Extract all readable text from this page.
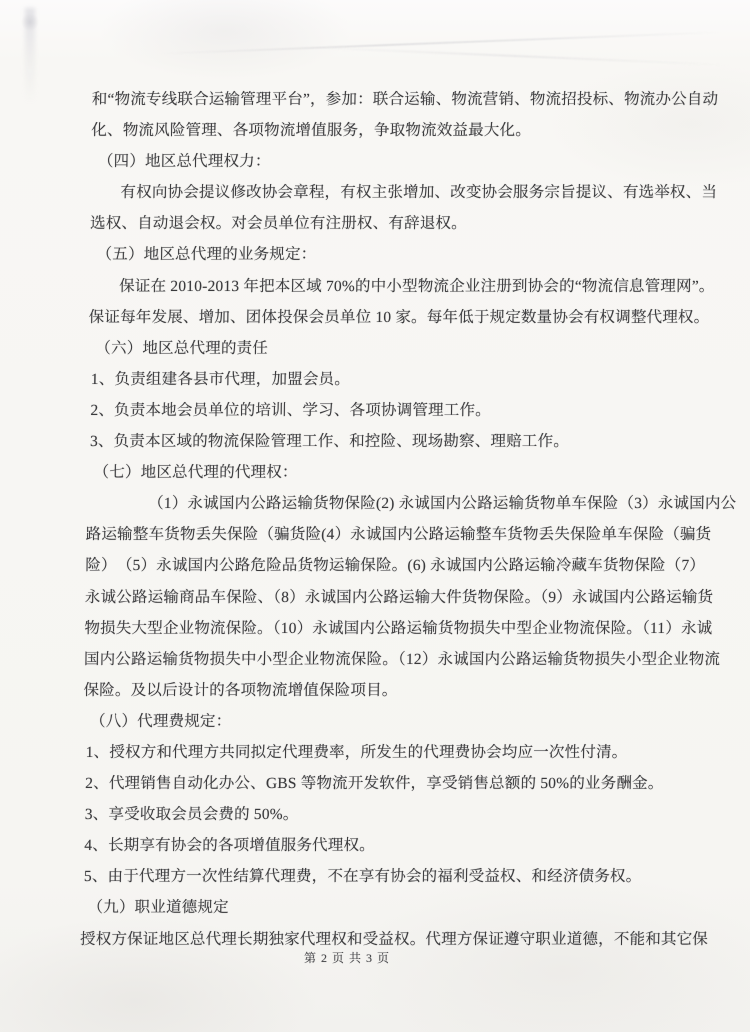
和“物流专线联合运输管理平台”，参加：联合运输、物流营销、物流招投标、物流办公自动
化、物流风险管理、各项物流增值服务，争取物流效益最大化。
（四）地区总代理权力：
有权向协会提议修改协会章程，有权主张增加、改变协会服务宗旨提议、有选举权、当
选权、自动退会权。对会员单位有注册权、有辞退权。
（五）地区总代理的业务规定：
保证在 2010-2013 年把本区域 70%的中小型物流企业注册到协会的“物流信息管理网”。
保证每年发展、增加、团体投保会员单位 10 家。每年低于规定数量协会有权调整代理权。
（六）地区总代理的责任
1、负责组建各县市代理，加盟会员。
2、负责本地会员单位的培训、学习、各项协调管理工作。
3、负责本区域的物流保险管理工作、和控险、现场勘察、理赔工作。
（七）地区总代理的代理权：
（1）永诚国内公路运输货物保险(2) 永诚国内公路运输货物单车保险（3）永诚国内公
路运输整车货物丢失保险（骗货险(4）永诚国内公路运输整车货物丢失保险单车保险（骗货
险）　（5）永诚国内公路危险品货物运输保险。(6) 永诚国内公路运输冷藏车货物保险（7）
永诚公路运输商品车保险、（8）永诚国内公路运输大件货物保险。（9）永诚国内公路运输货
物损失大型企业物流保险。（10）永诚国内公路运输货物损失中型企业物流保险。（11）永诚
国内公路运输货物损失中小型企业物流保险。（12）永诚国内公路运输货物损失小型企业物流
保险。及以后设计的各项物流增值保险项目。
（八）代理费规定：
1、授权方和代理方共同拟定代理费率，所发生的代理费协会均应一次性付清。
2、代理销售自动化办公、GBS 等物流开发软件，享受销售总额的 50%的业务酬金。
3、享受收取会员会费的 50%。
4、长期享有协会的各项增值服务代理权。
5、由于代理方一次性结算代理费，不在享有协会的福利受益权、和经济债务权。
（九）职业道德规定
授权方保证地区总代理长期独家代理权和受益权。代理方保证遵守职业道德，不能和其它保
第 2 页 共 3 页
